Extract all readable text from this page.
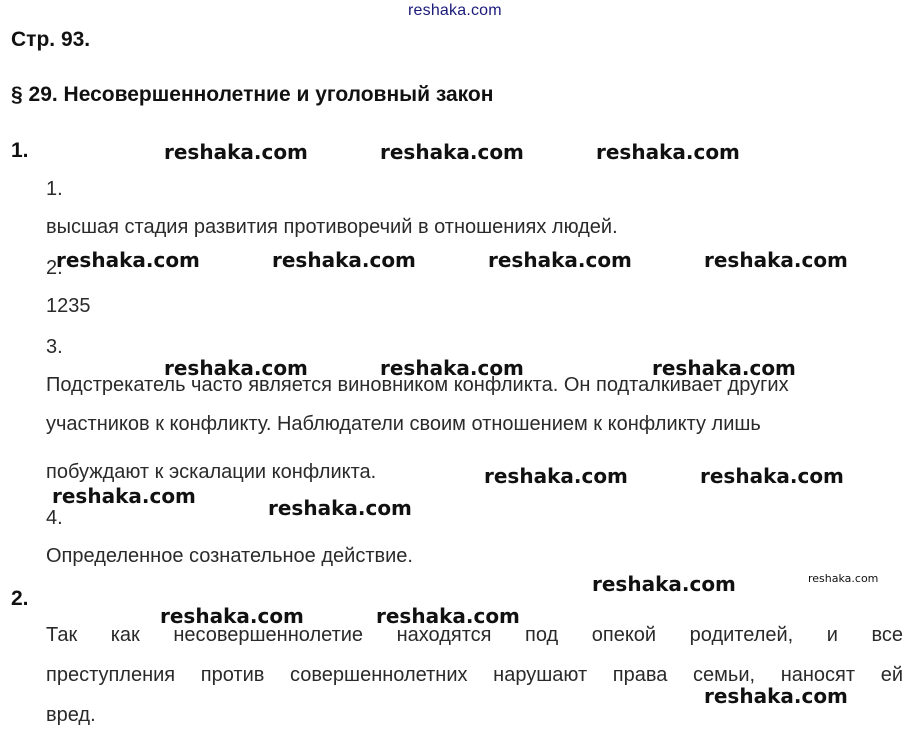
reshaka.com
Стр. 93.
§ 29. Несовершеннолетние и уголовный закон
1.
1.
высшая стадия развития противоречий в отношениях людей.
2.
1235
3.
Подстрекатель часто является виновником конфликта. Он подталкивает других
участников к конфликту. Наблюдатели своим отношением к конфликту лишь
побуждают к эскалации конфликта.
4.
Определенное сознательное действие.
2.
Так как несовершеннолетие находятся под опекой родителей, и все
преступления против совершеннолетних нарушают права семьи, наносят ей
вред.
reshaka.com	reshaka.com	reshaka.com
reshaka.com	reshaka.com	reshaka.com	reshaka.com
reshaka.com	reshaka.com	reshaka.com
reshaka.com	reshaka.com
reshaka.com	reshaka.com
reshaka.com	reshaka.com
reshaka.com	reshaka.com
reshaka.com
